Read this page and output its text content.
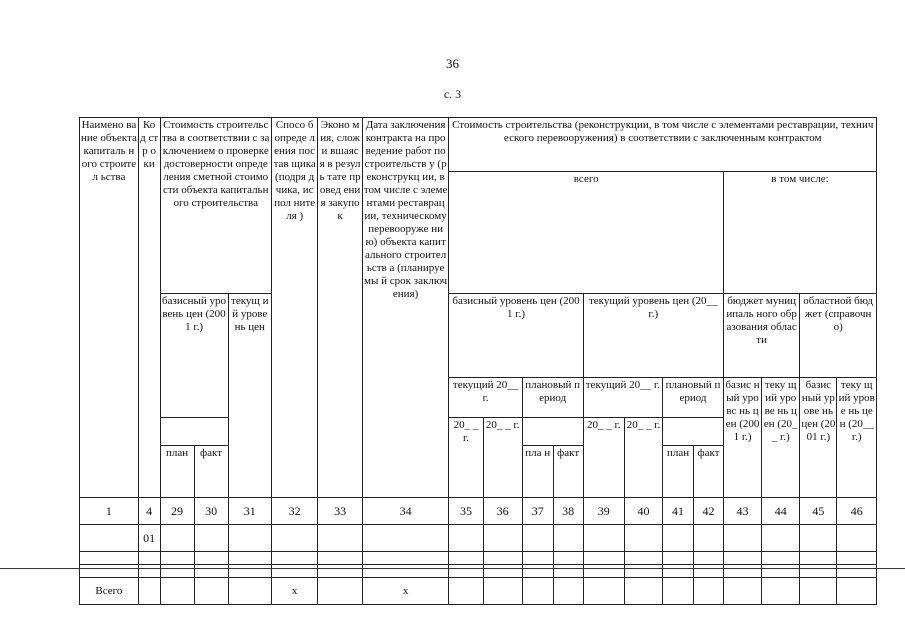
36
с. 3
Наимено вание объекта капиталь ного строител ьства	Ко д стр оки	Стоимость строительства в соответствии с заключением о проверке достоверности определения сметной стоимости объекта капитального строительства			Спосо б опреде ления постав щика (подря дчика, испол нителя )	Эконо мия, сложи вшаяс я в резуль тате провед ения закупо к	Дата заключения контракта на проведение работ по строительств у (реконструкц ии, в том числе с элементами реставрации, техническому перевооруже нию) объекта капитального строительств а (планируемы й срок заключения)	Стоимость строительства (реконструкции, в том числе с элементами реставрации, технического перевооружения) в соответствии с заключенным контрактом											
								всего								в том числе:			

		базисный уровень цен (2001 г.)		текущ ий урове нь цен				базисный уровень цен (2001 г.)				текущий уровень цен (20__ г.)				бюджет муниципаль ного образования области		областной бюджет (справочно)	
								текущий 20__ г.		плановый период		текущий 20__ г.		плановый период		базис ный уровс нь цен (2001 г.)	теку щий урове нь цен (20__ г.)	базис ный урове нь цен (2001 г.)	теку щий урове нь цен (20__ г.)
								20_ _ г.	20_ _ г.			20_ _ г.	20_ _ г.						
		план	факт							пла н	факт			план	факт				
1	4	29	30	31	32	33	34	35	36	37	38	39	40	41	42	43	44	45	46
	01																		

Всего					x		x												
